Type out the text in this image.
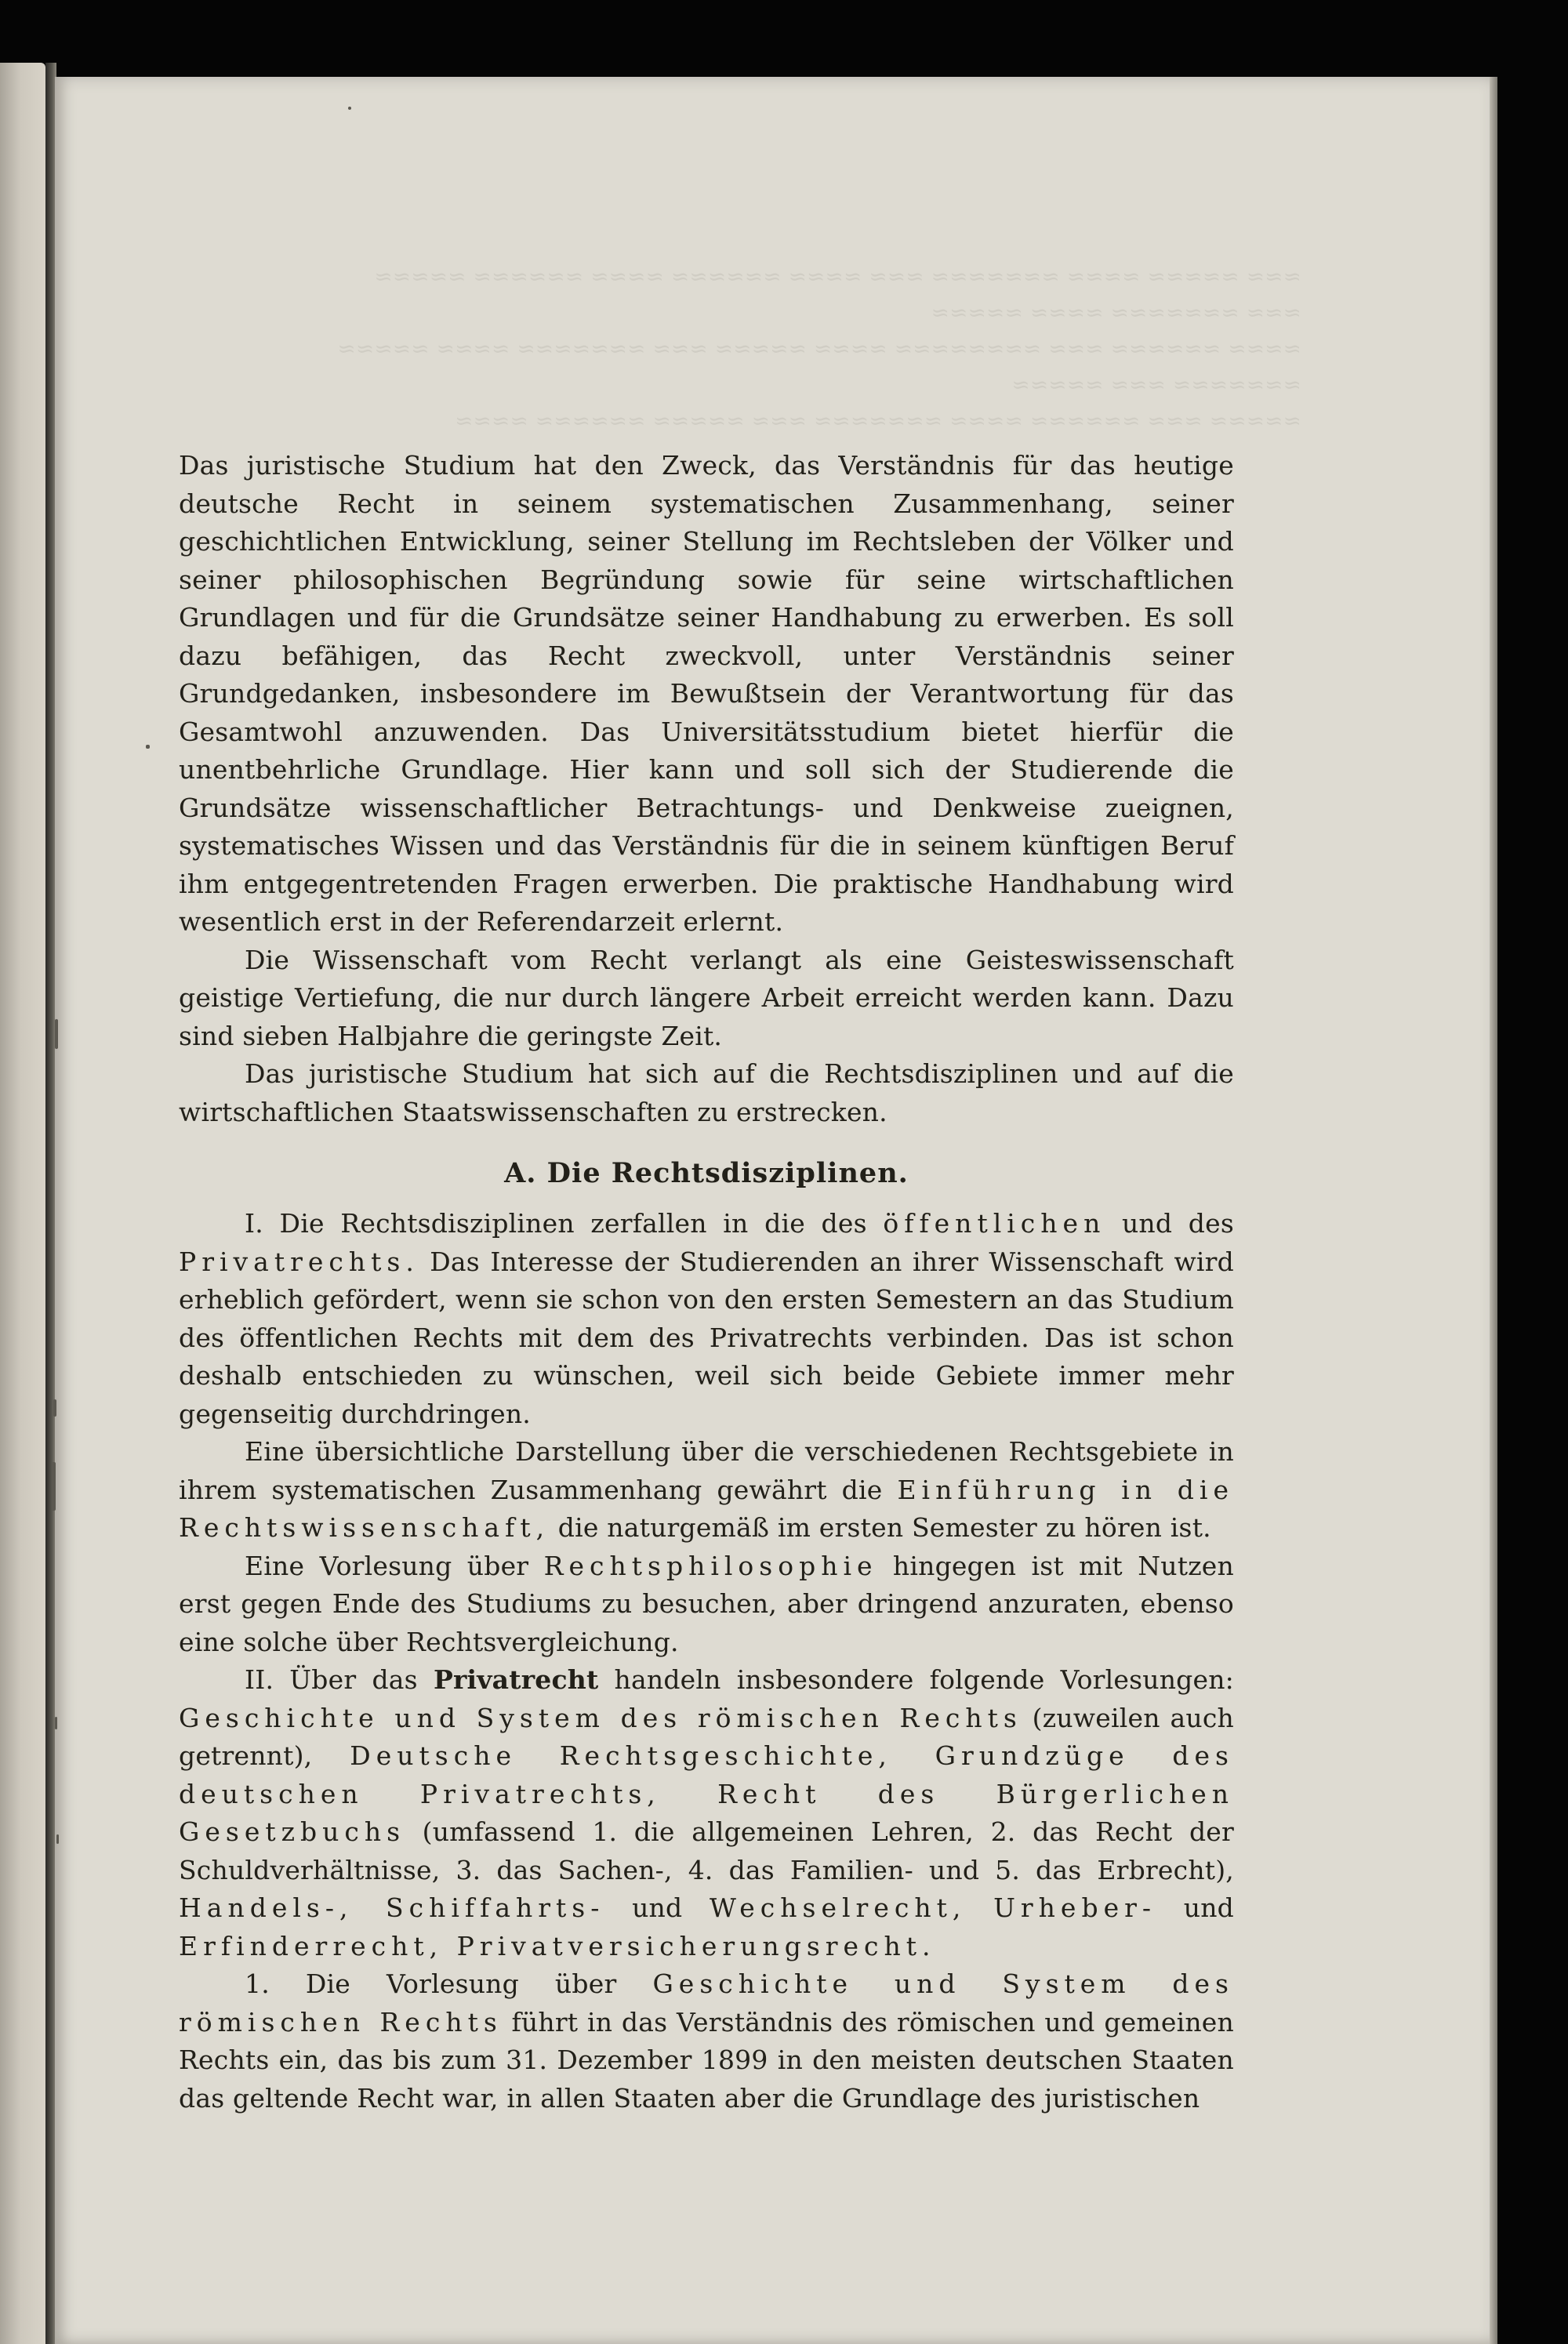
≈≈≈ ≈≈≈≈≈ ≈≈≈≈ ≈≈≈≈≈≈≈ ≈≈≈ ≈≈≈≈ ≈≈≈≈≈≈ ≈≈≈≈ ≈≈≈≈≈≈ ≈≈≈≈≈ ≈≈≈ ≈≈≈≈≈≈≈ ≈≈≈≈ ≈≈≈≈≈
≈≈≈≈ ≈≈≈≈≈≈ ≈≈≈ ≈≈≈≈≈≈≈≈ ≈≈≈≈ ≈≈≈≈≈ ≈≈≈ ≈≈≈≈≈≈≈ ≈≈≈≈ ≈≈≈≈≈ ≈≈≈≈≈≈≈ ≈≈≈ ≈≈≈≈≈
≈≈≈≈≈ ≈≈≈ ≈≈≈≈≈≈ ≈≈≈≈ ≈≈≈≈≈≈≈ ≈≈≈ ≈≈≈≈≈ ≈≈≈≈≈≈ ≈≈≈≈

Das juristische Studium hat den Zweck, das Verständnis für das heutige deutsche Recht in seinem systematischen Zusammenhang, seiner geschichtlichen Entwicklung, seiner Stellung im Rechtsleben der Völker und seiner philosophischen Begründung sowie für seine wirtschaftlichen Grundlagen und für die Grundsätze seiner Handhabung zu erwerben. Es soll dazu befähigen, das Recht zweckvoll, unter Verständnis seiner Grundgedanken, insbesondere im Bewußtsein der Verantwortung für das Gesamtwohl anzuwenden. Das Universitätsstudium bietet hierfür die unentbehrliche Grundlage. Hier kann und soll sich der Studierende die Grundsätze wissenschaftlicher Betrachtungs- und Denkweise zueignen, systematisches Wissen und das Verständnis für die in seinem künftigen Beruf ihm entgegentretenden Fragen erwerben. Die praktische Handhabung wird wesentlich erst in der Referendarzeit erlernt.

Die Wissenschaft vom Recht verlangt als eine Geisteswissenschaft geistige Vertiefung, die nur durch längere Arbeit erreicht werden kann. Dazu sind sieben Halbjahre die geringste Zeit.

Das juristische Studium hat sich auf die Rechtsdisziplinen und auf die wirtschaftlichen Staatswissenschaften zu erstrecken.

A. Die Rechtsdisziplinen.

I. Die Rechtsdisziplinen zerfallen in die des öffentlichen und des Privatrechts. Das Interesse der Studierenden an ihrer Wissenschaft wird erheblich gefördert, wenn sie schon von den ersten Semestern an das Studium des öffentlichen Rechts mit dem des Privatrechts verbinden. Das ist schon deshalb entschieden zu wünschen, weil sich beide Gebiete immer mehr gegenseitig durchdringen.

Eine übersichtliche Darstellung über die verschiedenen Rechtsgebiete in ihrem systematischen Zusammenhang gewährt die Einführung in die Rechtswissenschaft, die naturgemäß im ersten Semester zu hören ist.

Eine Vorlesung über Rechtsphilosophie hingegen ist mit Nutzen erst gegen Ende des Studiums zu besuchen, aber dringend anzuraten, ebenso eine solche über Rechtsvergleichung.

II. Über das Privatrecht handeln insbesondere folgende Vorlesungen: Geschichte und System des römischen Rechts (zuweilen auch getrennt), Deutsche Rechtsgeschichte, Grundzüge des deutschen Privatrechts, Recht des Bürgerlichen Gesetzbuchs (umfassend 1. die allgemeinen Lehren, 2. das Recht der Schuldverhältnisse, 3. das Sachen-, 4. das Familien- und 5. das Erbrecht), Handels-, Schiffahrts- und Wechselrecht, Urheber- und Erfinderrecht, Privatversicherungsrecht.

1. Die Vorlesung über Geschichte und System des römischen Rechts führt in das Verständnis des römischen und gemeinen Rechts ein, das bis zum 31. Dezember 1899 in den meisten deutschen Staaten das geltende Recht war, in allen Staaten aber die Grundlage des juristischen
